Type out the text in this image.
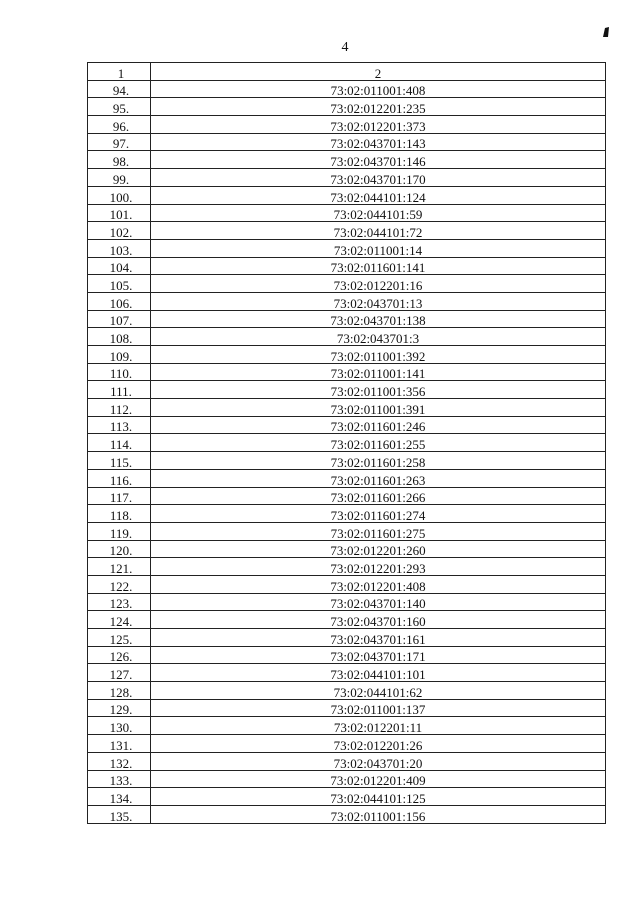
4
1	2
94.	73:02:011001:408
95.	73:02:012201:235
96.	73:02:012201:373
97.	73:02:043701:143
98.	73:02:043701:146
99.	73:02:043701:170
100.	73:02:044101:124
101.	73:02:044101:59
102.	73:02:044101:72
103.	73:02:011001:14
104.	73:02:011601:141
105.	73:02:012201:16
106.	73:02:043701:13
107.	73:02:043701:138
108.	73:02:043701:3
109.	73:02:011001:392
110.	73:02:011001:141
111.	73:02:011001:356
112.	73:02:011001:391
113.	73:02:011601:246
114.	73:02:011601:255
115.	73:02:011601:258
116.	73:02:011601:263
117.	73:02:011601:266
118.	73:02:011601:274
119.	73:02:011601:275
120.	73:02:012201:260
121.	73:02:012201:293
122.	73:02:012201:408
123.	73:02:043701:140
124.	73:02:043701:160
125.	73:02:043701:161
126.	73:02:043701:171
127.	73:02:044101:101
128.	73:02:044101:62
129.	73:02:011001:137
130.	73:02:012201:11
131.	73:02:012201:26
132.	73:02:043701:20
133.	73:02:012201:409
134.	73:02:044101:125
135.	73:02:011001:156
